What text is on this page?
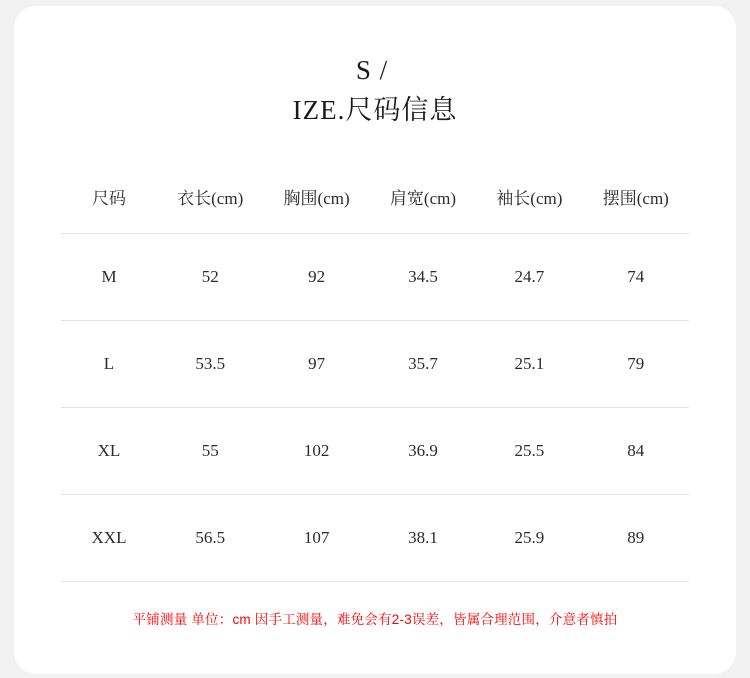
S /
IZE.尺码信息
尺码	衣长(cm)	胸围(cm)	肩宽(cm)	袖长(cm)	摆围(cm)
M	52	92	34.5	24.7	74
L	53.5	97	35.7	25.1	79
XL	55	102	36.9	25.5	84
XXL	56.5	107	38.1	25.9	89
平铺测量 单位：cm 因手工测量，难免会有2-3误差，皆属合理范围，介意者慎拍
